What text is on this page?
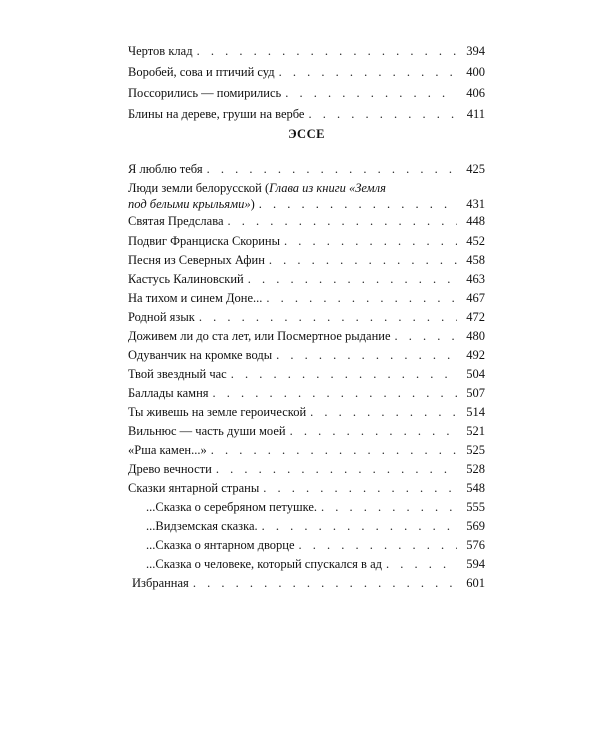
Чертов клад . . .	394
Воробей, сова и птичий суд . . .	400
Поссорились — помирились . . .	406
Блины на дереве, груши на вербе . . .	411
ЭССЕ
Я люблю тебя . . .	425
Люди земли белорусской (Глава из книги «Земля
под белыми крыльями») . . .	431
Святая Предслава . . .	448
Подвиг Франциска Скорины . . .	452
Песня из Северных Афин . . .	458
Кастусь Калиновский . . .	463
На тихом и синем Доне... . . .	467
Родной язык . . .	472
Доживем ли до ста лет, или Посмертное рыдание . . .	480
Одуванчик на кромке воды . . .	492
Твой звездный час . . .	504
Баллады камня . . .	507
Ты живешь на земле героической . . .	514
Вильнюс — часть души моей . . .	521
«Рша камен...» . . .	525
Древо вечности . . .	528
Сказки янтарной страны . . .	548
...Сказка о серебряном петушке. . . .	555
...Видземская сказка. . . .	569
...Сказка о янтарном дворце . . .	576
...Сказка о человеке, который спускался в ад . . .	594
Избранная . . .	601
